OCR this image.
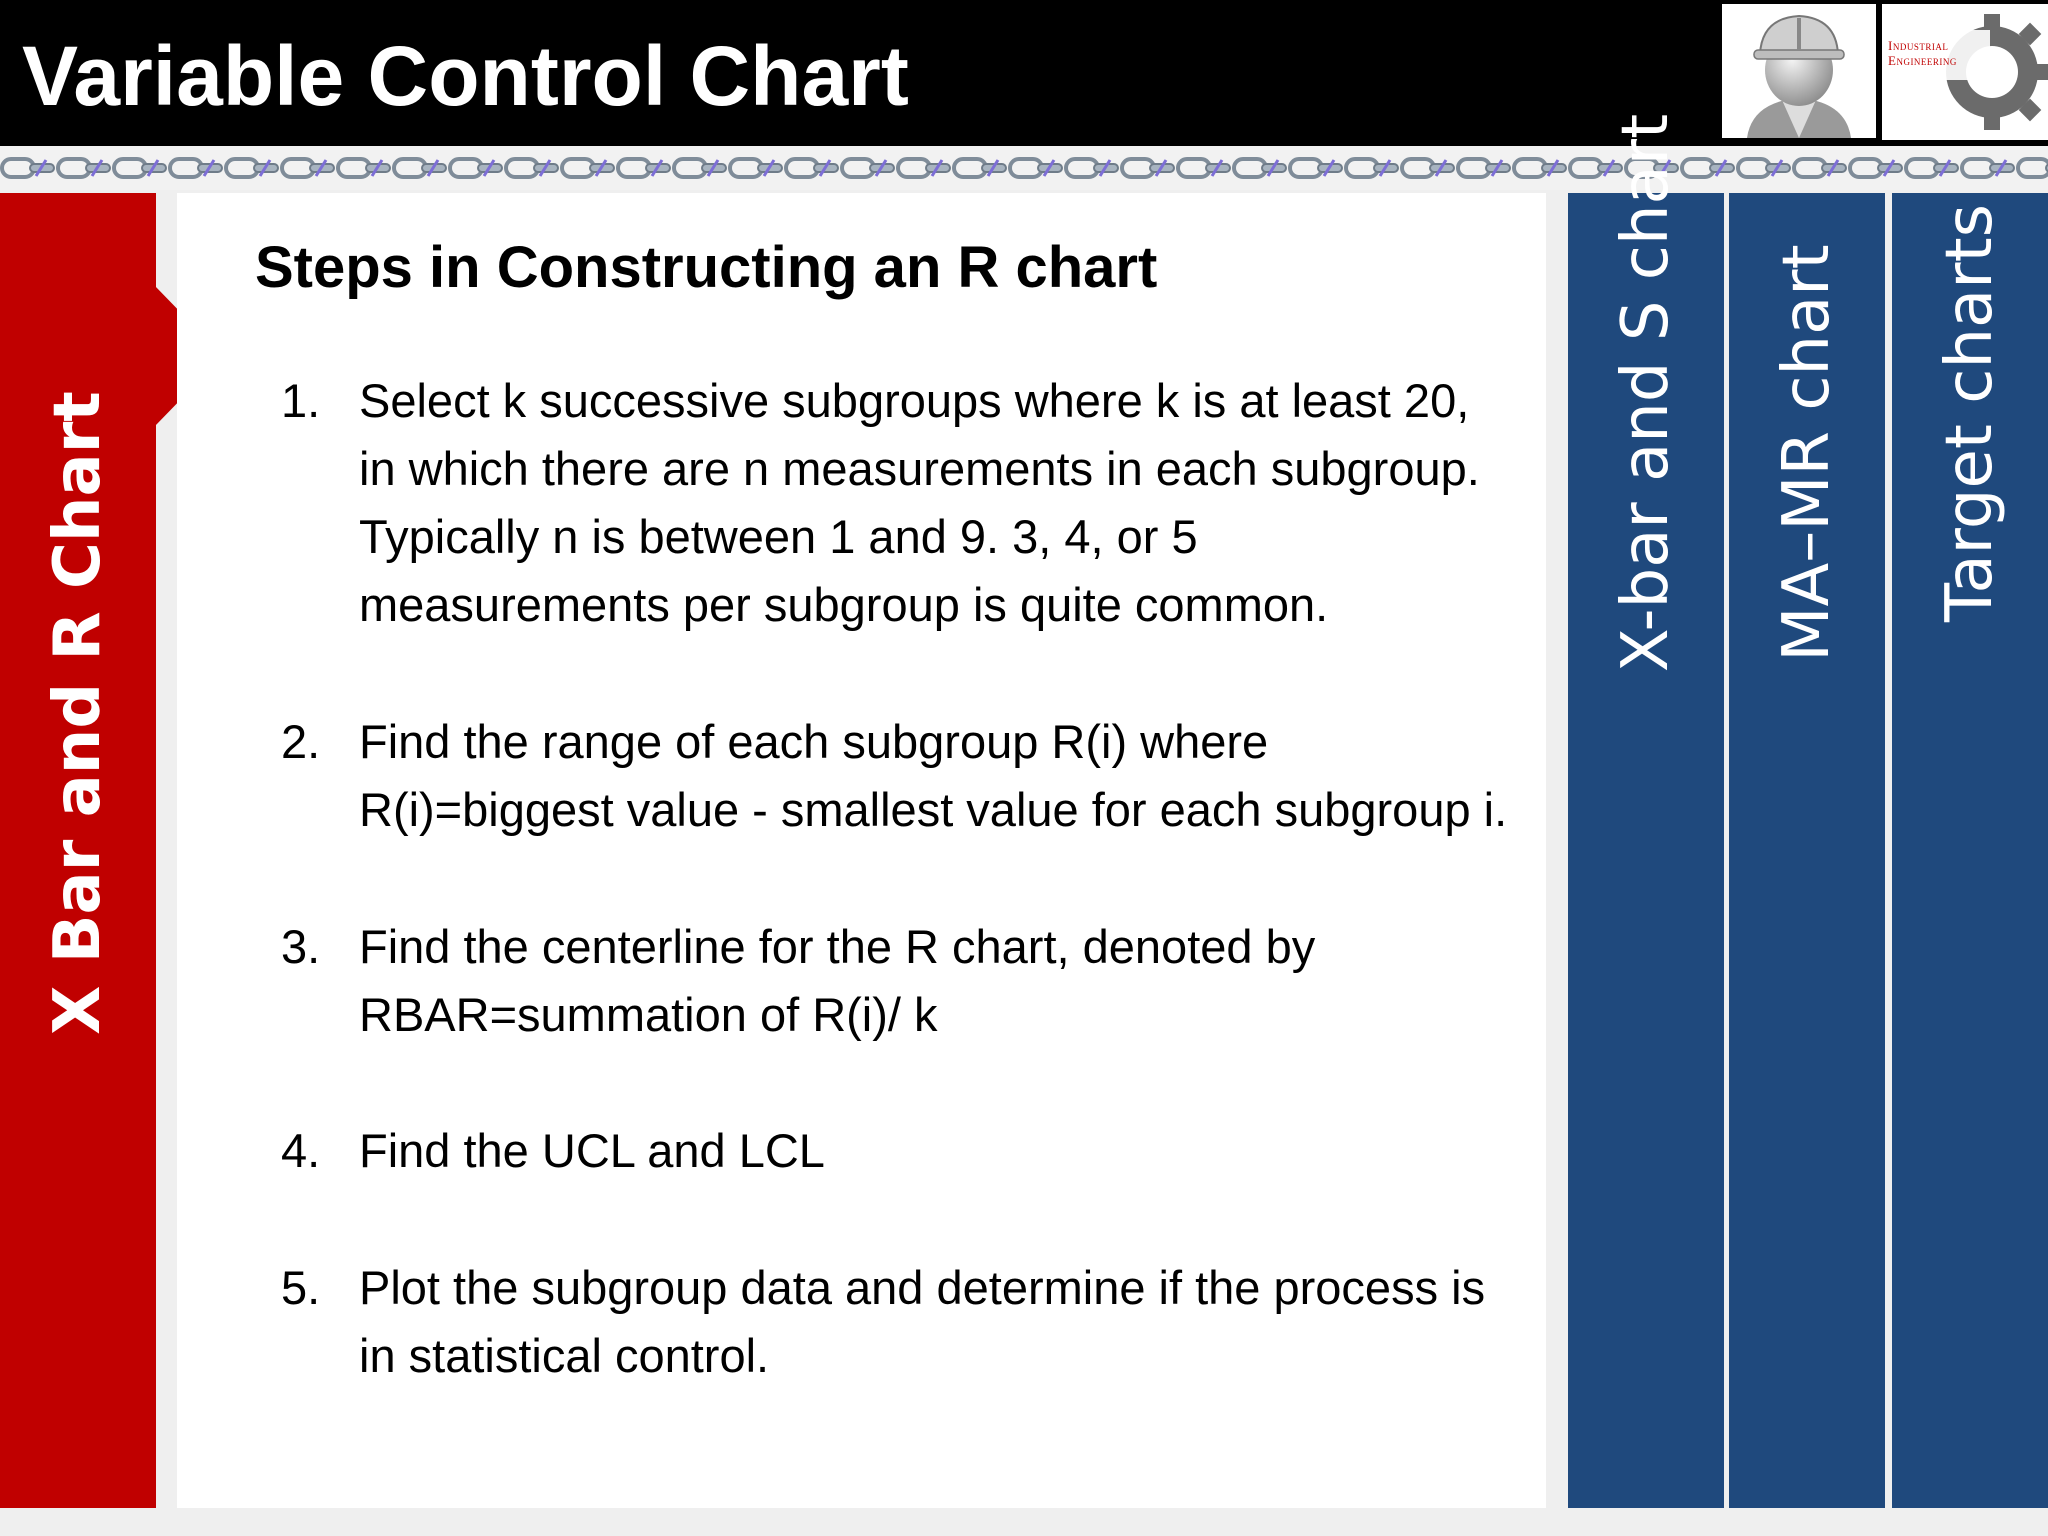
Variable Control Chart	Industrial
Engineering
X Bar and R Chart
Steps in Constructing an R chart
1. Select k successive subgroups where k is at least 20,
in which there are n measurements in each subgroup.
Typically n is between 1 and 9. 3, 4, or 5
measurements per subgroup is quite common.
2. Find the range of each subgroup R(i) where
R(i)=biggest value - smallest value for each subgroup i.
3. Find the centerline for the R chart, denoted by
RBAR=summation of R(i)/ k
4. Find the UCL and LCL
5. Plot the subgroup data and determine if the process is
in statistical control.
X-bar and S chart MA–MR chart Target charts
